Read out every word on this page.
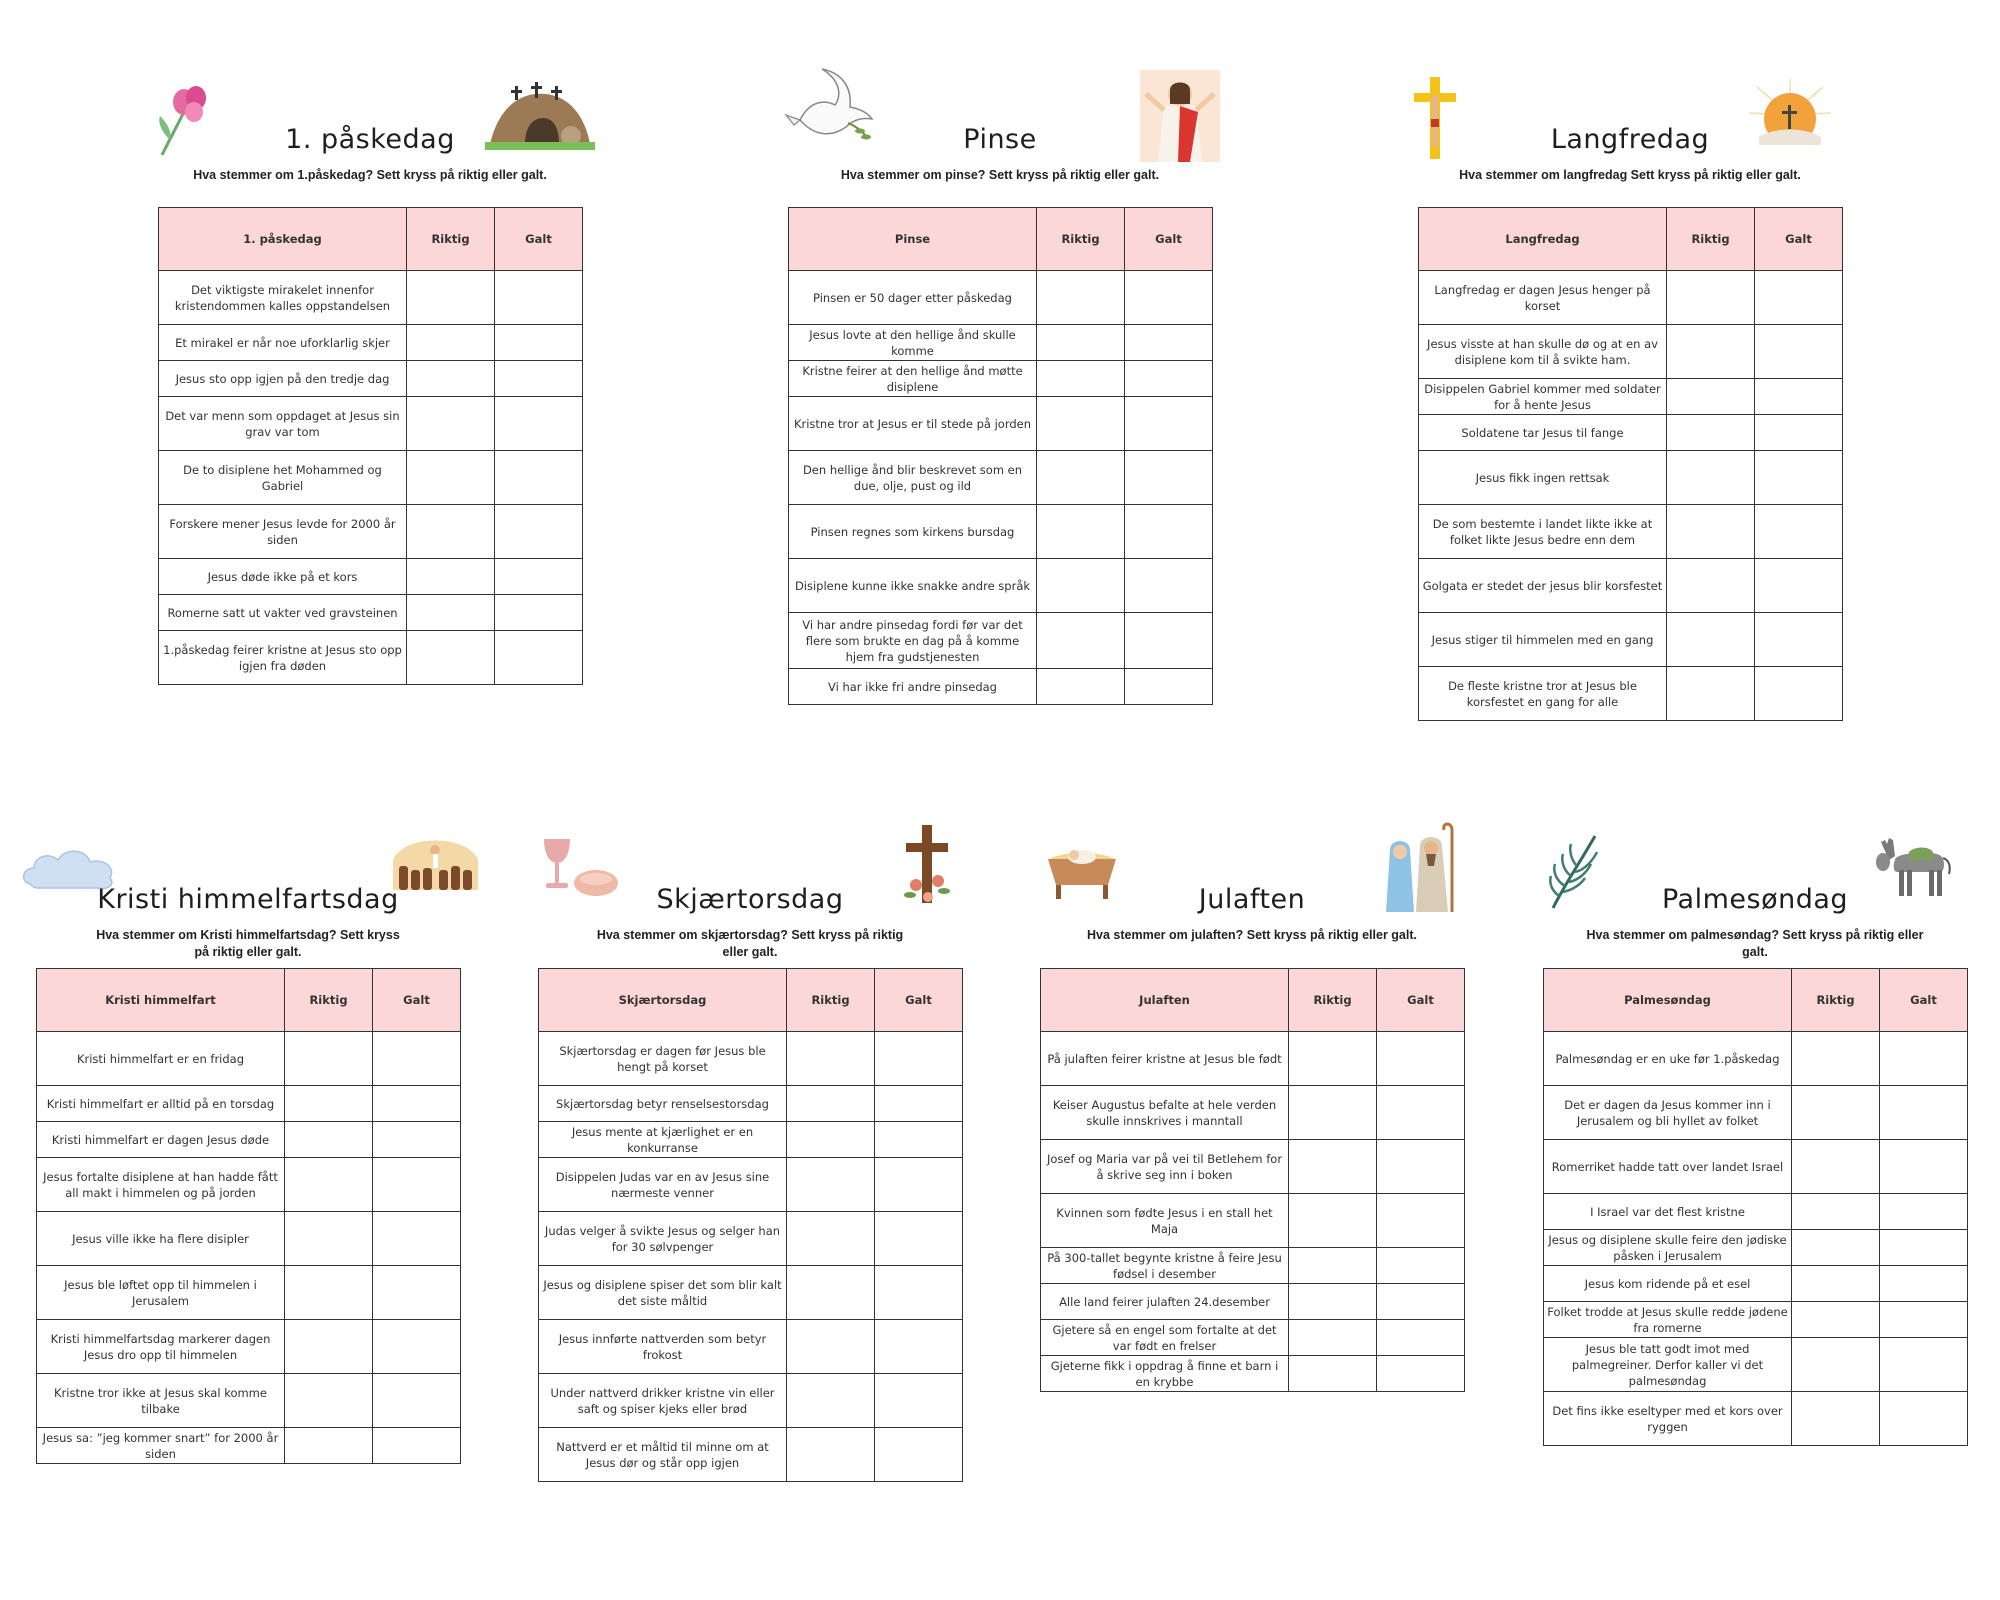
1. påskedag
Hva stemmer om 1.påskedag? Sett kryss på riktig eller galt.
1. påskedag	Riktig	Galt
Det viktigste mirakelet innenfor kristendommen kalles oppstandelsen		
Et mirakel er når noe uforklarlig skjer		
Jesus sto opp igjen på den tredje dag		
Det var menn som oppdaget at Jesus sin grav var tom		
De to disiplene het Mohammed og Gabriel		
Forskere mener Jesus levde for 2000 år siden		
Jesus døde ikke på et kors		
Romerne satt ut vakter ved gravsteinen		
1.påskedag feirer kristne at Jesus sto opp igjen fra døden		
Pinse
Hva stemmer om pinse? Sett kryss på riktig eller galt.
Pinse	Riktig	Galt
Pinsen er 50 dager etter påskedag		
Jesus lovte at den hellige ånd skulle komme		
Kristne feirer at den hellige ånd møtte disiplene		
Kristne tror at Jesus er til stede på jorden		
Den hellige ånd blir beskrevet som en due, olje, pust og ild		
Pinsen regnes som kirkens bursdag		
Disiplene kunne ikke snakke andre språk		
Vi har andre pinsedag fordi før var det flere som brukte en dag på å komme hjem fra gudstjenesten		
Vi har ikke fri andre pinsedag		
Langfredag
Hva stemmer om langfredag Sett kryss på riktig eller galt.
Langfredag	Riktig	Galt
Langfredag er dagen Jesus henger på korset		
Jesus visste at han skulle dø og at en av disiplene kom til å svikte ham.		
Disippelen Gabriel kommer med soldater for å hente Jesus		
Soldatene tar Jesus til fange		
Jesus fikk ingen rettsak		
De som bestemte i landet likte ikke at folket likte Jesus bedre enn dem		
Golgata er stedet der jesus blir korsfestet		
Jesus stiger til himmelen med en gang		
De fleste kristne tror at Jesus ble korsfestet en gang for alle		
Kristi himmelfartsdag
Hva stemmer om Kristi himmelfartsdag? Sett kryss på riktig eller galt.
Kristi himmelfart	Riktig	Galt
Kristi himmelfart er en fridag		
Kristi himmelfart er alltid på en torsdag		
Kristi himmelfart er dagen Jesus døde		
Jesus fortalte disiplene at han hadde fått all makt i himmelen og på jorden		
Jesus ville ikke ha flere disipler		
Jesus ble løftet opp til himmelen i Jerusalem		
Kristi himmelfartsdag markerer dagen Jesus dro opp til himmelen		
Kristne tror ikke at Jesus skal komme tilbake		
Jesus sa: ”jeg kommer snart” for 2000 år siden		
Skjærtorsdag
Hva stemmer om skjærtorsdag? Sett kryss på riktig eller galt.
Skjærtorsdag	Riktig	Galt
Skjærtorsdag er dagen før Jesus ble hengt på korset		
Skjærtorsdag betyr renselsestorsdag		
Jesus mente at kjærlighet er en konkurranse		
Disippelen Judas var en av Jesus sine nærmeste venner		
Judas velger å svikte Jesus og selger han for 30 sølvpenger		
Jesus og disiplene spiser det som blir kalt det siste måltid		
Jesus innførte nattverden som betyr frokost		
Under nattverd drikker kristne vin eller saft og spiser kjeks eller brød		
Nattverd er et måltid til minne om at Jesus dør og står opp igjen		
Julaften
Hva stemmer om julaften? Sett kryss på riktig eller galt.
Julaften	Riktig	Galt
På julaften feirer kristne at Jesus ble født		
Keiser Augustus befalte at hele verden skulle innskrives i manntall		
Josef og Maria var på vei til Betlehem for å skrive seg inn i boken		
Kvinnen som fødte Jesus i en stall het Maja		
På 300-tallet begynte kristne å feire Jesu fødsel i desember		
Alle land feirer julaften 24.desember		
Gjetere så en engel som fortalte at det var født en frelser		
Gjeterne fikk i oppdrag å finne et barn i en krybbe		
Palmesøndag
Hva stemmer om palmesøndag? Sett kryss på riktig eller galt.
Palmesøndag	Riktig	Galt
Palmesøndag er en uke før 1.påskedag		
Det er dagen da Jesus kommer inn i Jerusalem og bli hyllet av folket		
Romerriket hadde tatt over landet Israel		
I Israel var det flest kristne		
Jesus og disiplene skulle feire den jødiske påsken i Jerusalem		
Jesus kom ridende på et esel		
Folket trodde at Jesus skulle redde jødene fra romerne		
Jesus ble tatt godt imot med palmegreiner. Derfor kaller vi det palmesøndag		
Det fins ikke eseltyper med et kors over ryggen		
